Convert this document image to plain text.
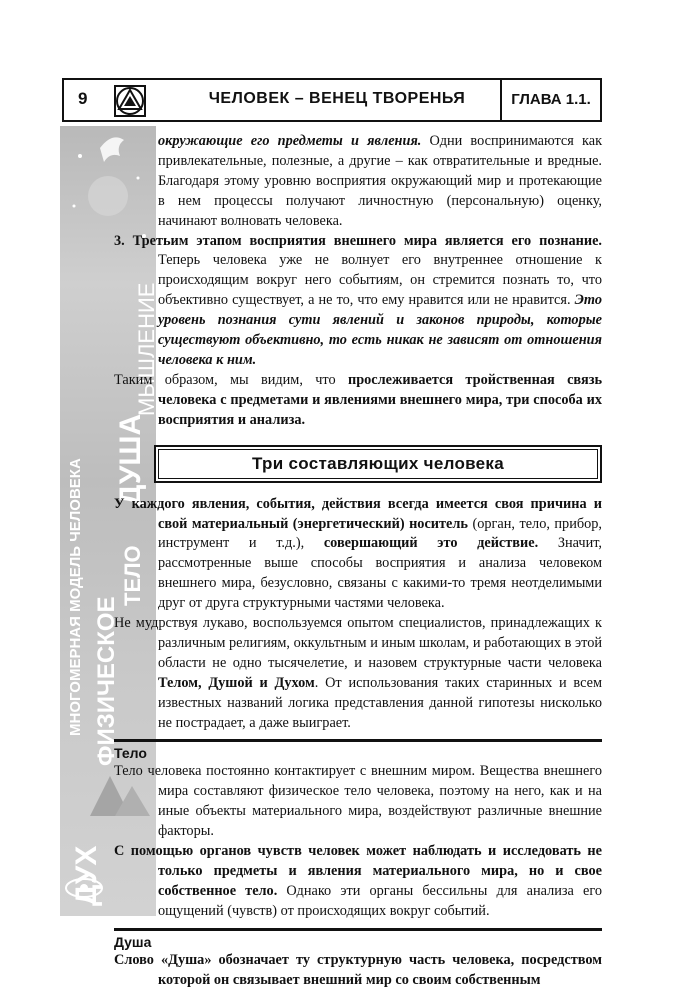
9	ЧЕЛОВЕК – ВЕНЕЦ ТВОРЕНЬЯ	ГЛАВА 1.1.
ДУХ
МНОГОМЕРНАЯ МОДЕЛЬ ЧЕЛОВЕКА ФИЗИЧЕСКОЕ
ТЕЛО
ДУША
МЫШЛЕНИЕ

окружающие его предметы и явления. Одни воспринимаются как привлекательные, полезные, а другие – как отвратительные и вредные. Благодаря этому уровню восприятия окружающий мир и протекающие в нем процессы получают личностную (персональную) оценку, начинают волновать человека.

3. Третьим этапом восприятия внешнего мира является его познание. Теперь человека уже не волнует его внутреннее отношение к происходящим вокруг него событиям, он стремится познать то, что объективно существует, а не то, что ему нравится или не нравится. Это уровень познания сути явлений и законов природы, которые существуют объективно, то есть никак не зависят от отношения человека к ним.

Таким образом, мы видим, что прослеживается тройственная связь человека с предметами и явлениями внешнего мира, три способа их восприятия и анализа.

Три составляющих человека

У каждого явления, события, действия всегда имеется своя причина и свой материальный (энергетический) носитель (орган, тело, прибор, инструмент и т.д.), совершающий это действие. Значит, рассмотренные выше способы восприятия и анализа человеком внешнего мира, безусловно, связаны с какими-то тремя неотделимыми друг от друга структурными частями человека.

Не мудрствуя лукаво, воспользуемся опытом специалистов, принадлежащих к различным религиям, оккультным и иным школам, и работающих в этой области не одно тысячелетие, и назовем структурные части человека Телом, Душой и Духом. От использования таких старинных и всем известных названий логика представления данной гипотезы нисколько не пострадает, а даже выиграет.

Тело

Тело человека постоянно контактирует с внешним миром. Вещества внешнего мира составляют физическое тело человека, поэтому на него, как и на иные объекты материального мира, воздействуют различные внешние факторы.

С помощью органов чувств человек может наблюдать и исследовать не только предметы и явления материального мира, но и свое собственное тело. Однако эти органы бессильны для анализа его ощущений (чувств) от происходящих вокруг событий.

Душа

Слово «Душа» обозначает ту структурную часть человека, посредством которой он связывает внешний мир со своим собственным
